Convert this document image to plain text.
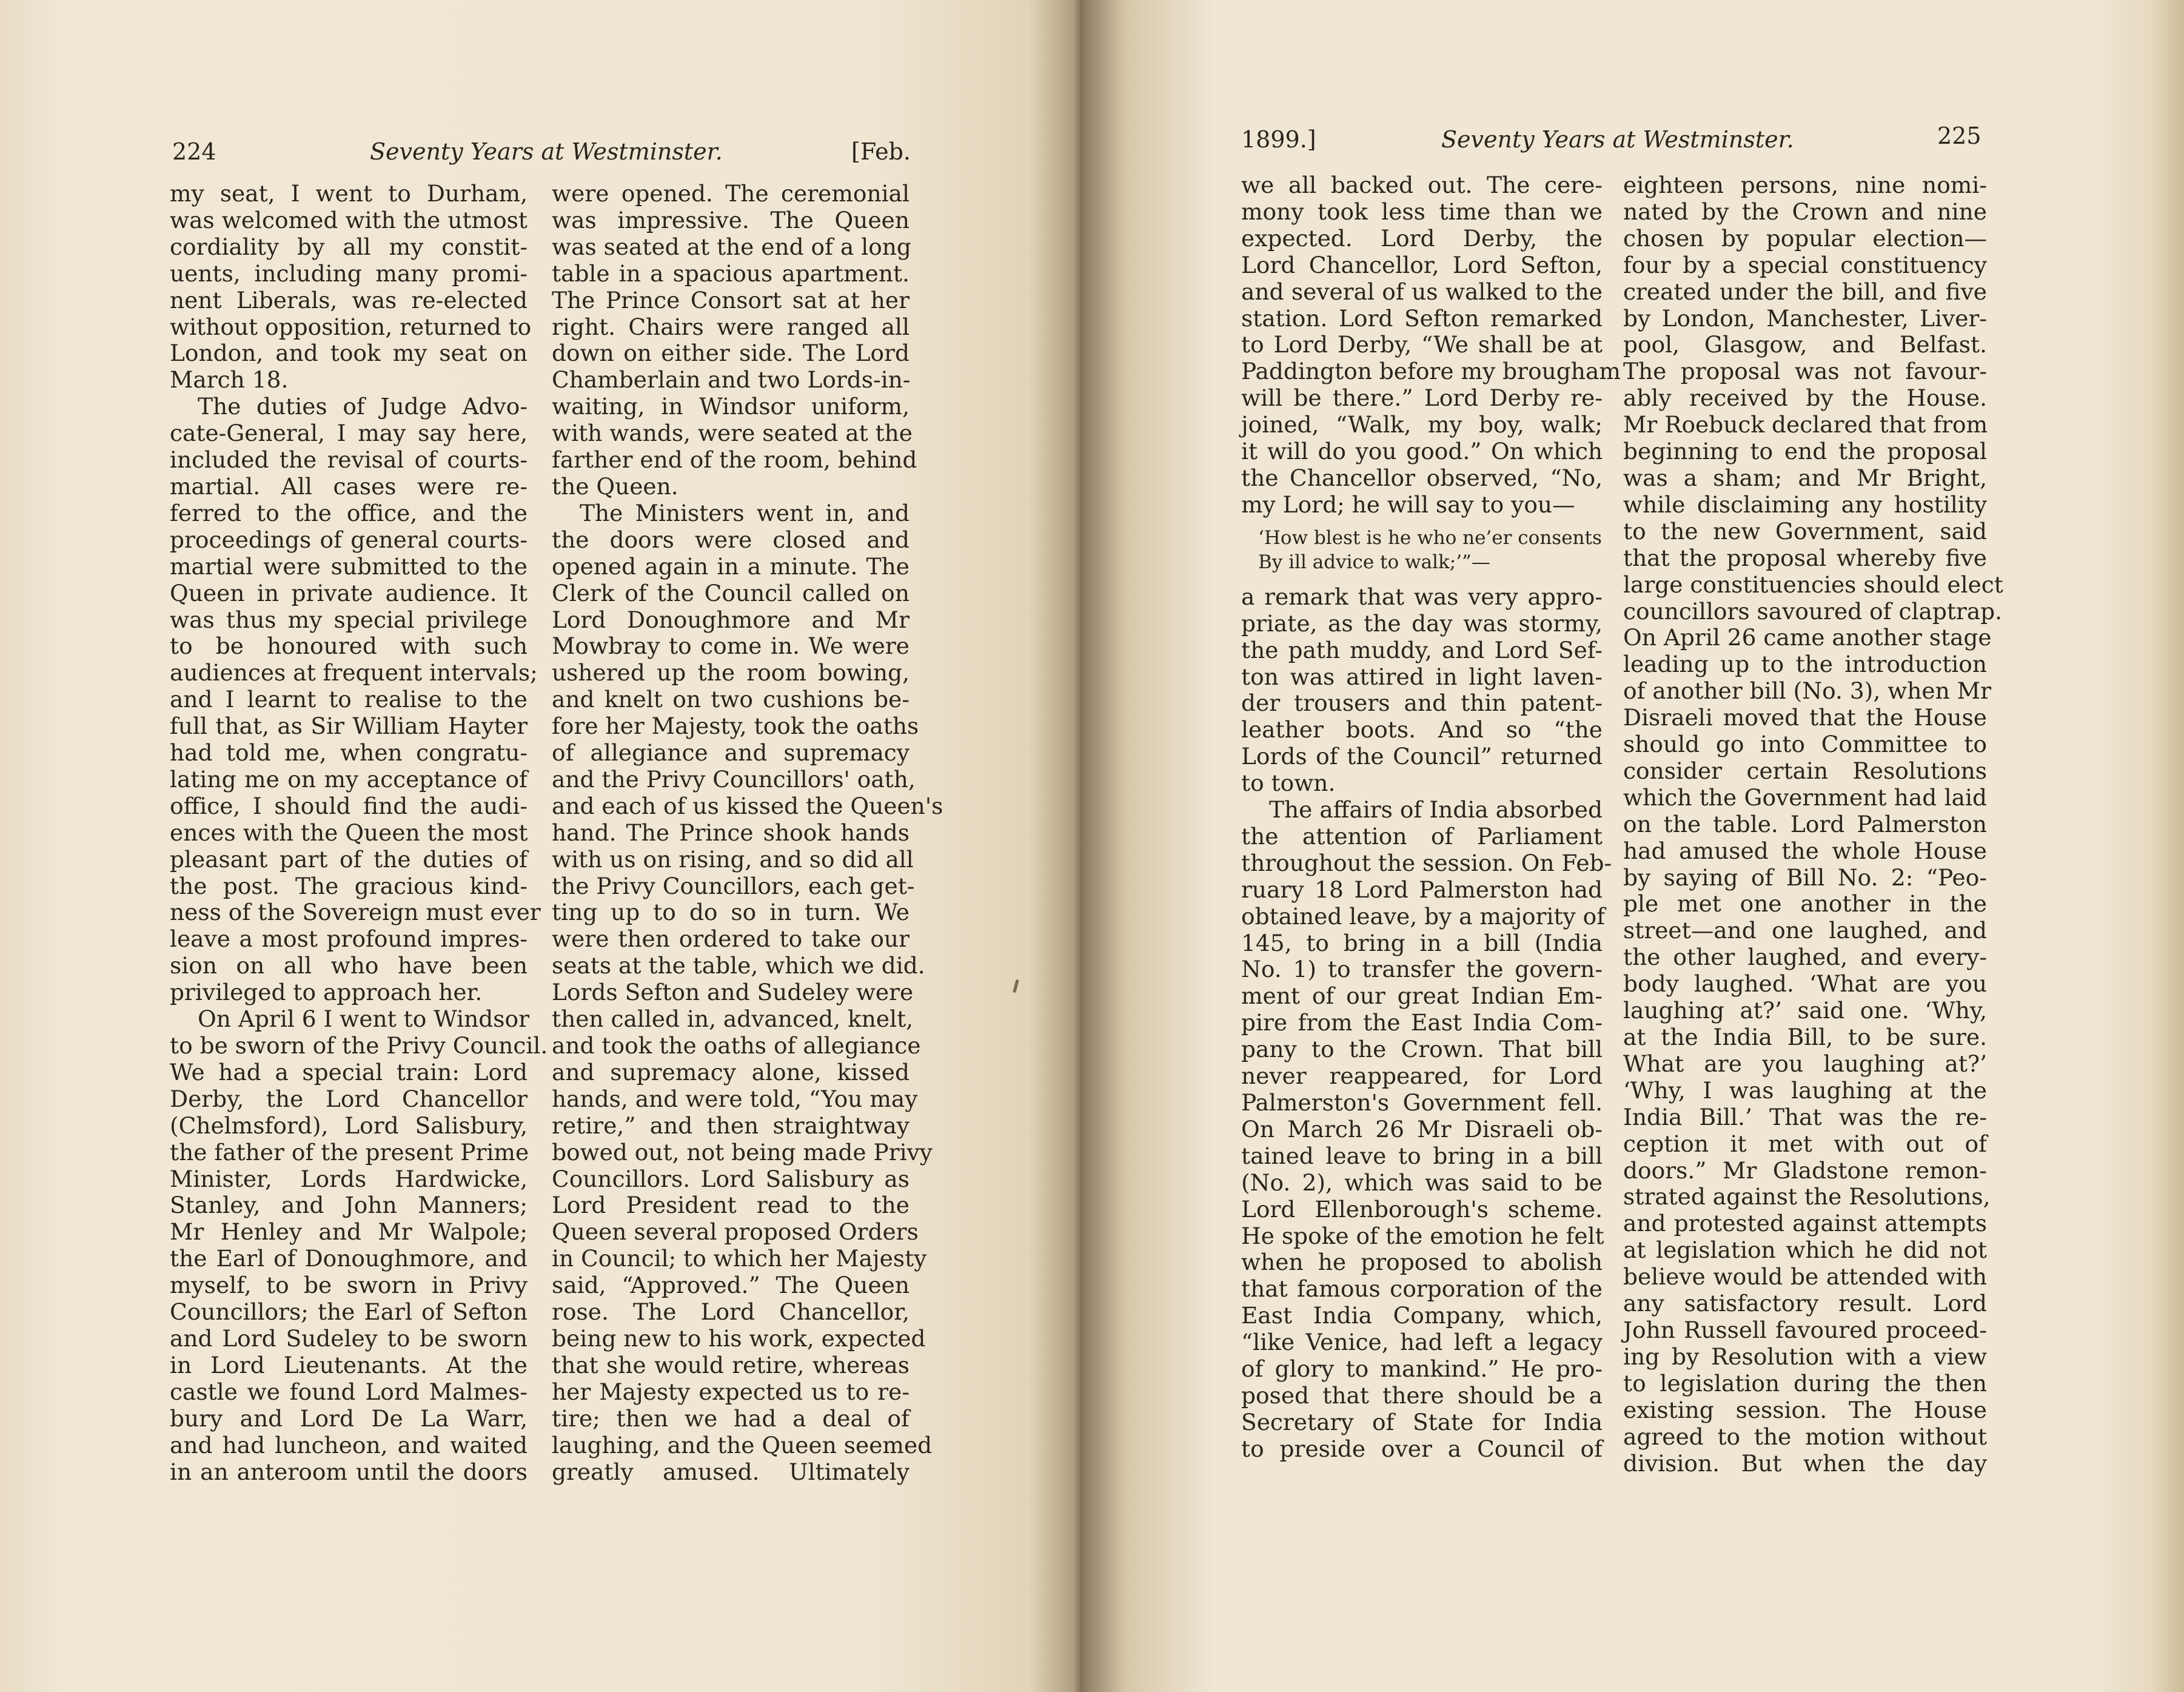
224	Seventy Years at Westminster.	[Feb.
my seat, I went to Durham,
was welcomed with the utmost
cordiality by all my constit-
uents, including many promi-
nent Liberals, was re-elected
without opposition, returned to
London, and took my seat on
March 18.
The duties of Judge Advo-
cate-General, I may say here,
included the revisal of courts-
martial. All cases were re-
ferred to the office, and the
proceedings of general courts-
martial were submitted to the
Queen in private audience. It
was thus my special privilege
to be honoured with such
audiences at frequent intervals;
and I learnt to realise to the
full that, as Sir William Hayter
had told me, when congratu-
lating me on my acceptance of
office, I should find the audi-
ences with the Queen the most
pleasant part of the duties of
the post. The gracious kind-
ness of the Sovereign must ever
leave a most profound impres-
sion on all who have been
privileged to approach her.
On April 6 I went to Windsor
to be sworn of the Privy Council.
We had a special train: Lord
Derby, the Lord Chancellor
(Chelmsford), Lord Salisbury,
the father of the present Prime
Minister, Lords Hardwicke,
Stanley, and John Manners;
Mr Henley and Mr Walpole;
the Earl of Donoughmore, and
myself, to be sworn in Privy
Councillors; the Earl of Sefton
and Lord Sudeley to be sworn
in Lord Lieutenants. At the
castle we found Lord Malmes-
bury and Lord De La Warr,
and had luncheon, and waited
in an anteroom until the doors
were opened. The ceremonial
was impressive. The Queen
was seated at the end of a long
table in a spacious apartment.
The Prince Consort sat at her
right. Chairs were ranged all
down on either side. The Lord
Chamberlain and two Lords-in-
waiting, in Windsor uniform,
with wands, were seated at the
farther end of the room, behind
the Queen.
The Ministers went in, and
the doors were closed and
opened again in a minute. The
Clerk of the Council called on
Lord Donoughmore and Mr
Mowbray to come in. We were
ushered up the room bowing,
and knelt on two cushions be-
fore her Majesty, took the oaths
of allegiance and supremacy
and the Privy Councillors' oath,
and each of us kissed the Queen's
hand. The Prince shook hands
with us on rising, and so did all
the Privy Councillors, each get-
ting up to do so in turn. We
were then ordered to take our
seats at the table, which we did.
Lords Sefton and Sudeley were
then called in, advanced, knelt,
and took the oaths of allegiance
and supremacy alone, kissed
hands, and were told, “You may
retire,” and then straightway
bowed out, not being made Privy
Councillors. Lord Salisbury as
Lord President read to the
Queen several proposed Orders
in Council; to which her Majesty
said, “Approved.” The Queen
rose. The Lord Chancellor,
being new to his work, expected
that she would retire, whereas
her Majesty expected us to re-
tire; then we had a deal of
laughing, and the Queen seemed
greatly amused. Ultimately
1899.]	Seventy Years at Westminster.	225
we all backed out. The cere-
mony took less time than we
expected. Lord Derby, the
Lord Chancellor, Lord Sefton,
and several of us walked to the
station. Lord Sefton remarked
to Lord Derby, “We shall be at
Paddington before my brougham
will be there.” Lord Derby re-
joined, “Walk, my boy, walk;
it will do you good.” On which
the Chancellor observed, “No,
my Lord; he will say to you—
‘How blest is he who ne’er consents
By ill advice to walk;’”—
a remark that was very appro-
priate, as the day was stormy,
the path muddy, and Lord Sef-
ton was attired in light laven-
der trousers and thin patent-
leather boots. And so “the
Lords of the Council” returned
to town.
The affairs of India absorbed
the attention of Parliament
throughout the session. On Feb-
ruary 18 Lord Palmerston had
obtained leave, by a majority of
145, to bring in a bill (India
No. 1) to transfer the govern-
ment of our great Indian Em-
pire from the East India Com-
pany to the Crown. That bill
never reappeared, for Lord
Palmerston's Government fell.
On March 26 Mr Disraeli ob-
tained leave to bring in a bill
(No. 2), which was said to be
Lord Ellenborough's scheme.
He spoke of the emotion he felt
when he proposed to abolish
that famous corporation of the
East India Company, which,
“like Venice, had left a legacy
of glory to mankind.” He pro-
posed that there should be a
Secretary of State for India
to preside over a Council of
eighteen persons, nine nomi-
nated by the Crown and nine
chosen by popular election—
four by a special constituency
created under the bill, and five
by London, Manchester, Liver-
pool, Glasgow, and Belfast.
The proposal was not favour-
ably received by the House.
Mr Roebuck declared that from
beginning to end the proposal
was a sham; and Mr Bright,
while disclaiming any hostility
to the new Government, said
that the proposal whereby five
large constituencies should elect
councillors savoured of claptrap.
On April 26 came another stage
leading up to the introduction
of another bill (No. 3), when Mr
Disraeli moved that the House
should go into Committee to
consider certain Resolutions
which the Government had laid
on the table. Lord Palmerston
had amused the whole House
by saying of Bill No. 2: “Peo-
ple met one another in the
street—and one laughed, and
the other laughed, and every-
body laughed. ‘What are you
laughing at?’ said one. ‘Why,
at the India Bill, to be sure.
What are you laughing at?’
‘Why, I was laughing at the
India Bill.’ That was the re-
ception it met with out of
doors.” Mr Gladstone remon-
strated against the Resolutions,
and protested against attempts
at legislation which he did not
believe would be attended with
any satisfactory result. Lord
John Russell favoured proceed-
ing by Resolution with a view
to legislation during the then
existing session. The House
agreed to the motion without
division. But when the day
